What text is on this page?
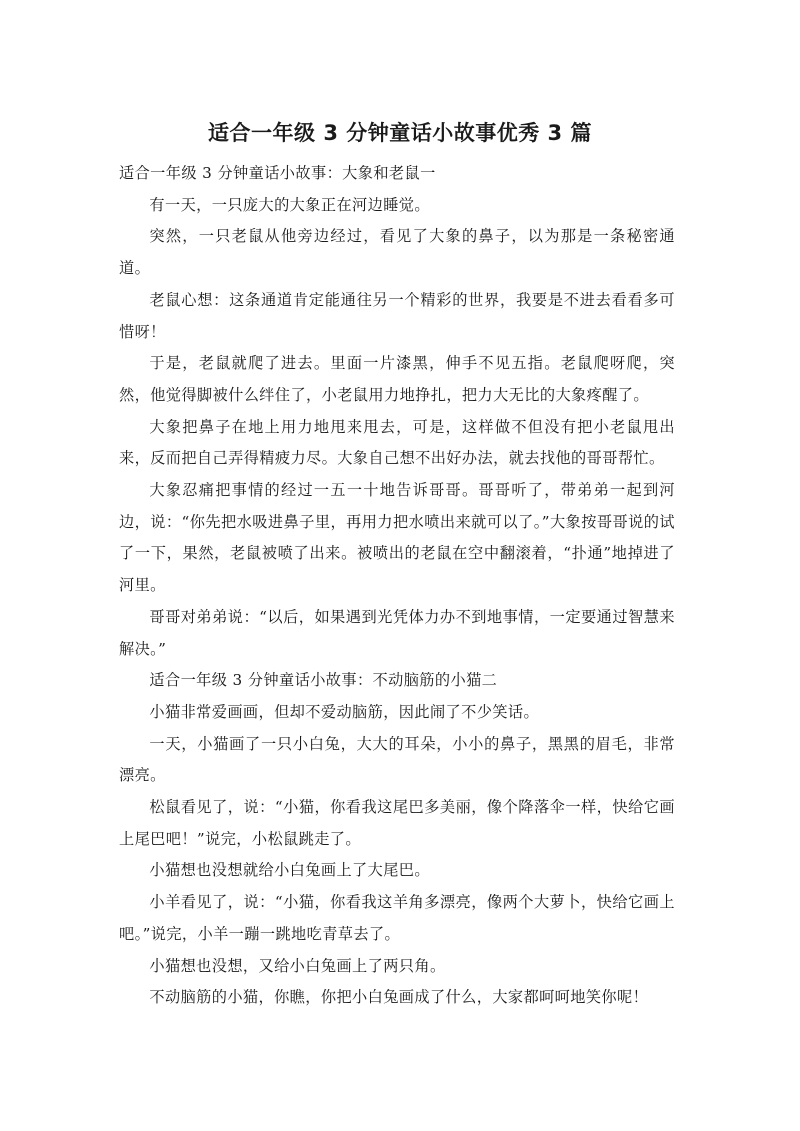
适合一年级 3 分钟童话小故事优秀 3 篇

适合一年级 3 分钟童话小故事：大象和老鼠一

有一天，一只庞大的大象正在河边睡觉。

突然，一只老鼠从他旁边经过，看见了大象的鼻子，以为那是一条秘密通道。

老鼠心想：这条通道肯定能通往另一个精彩的世界，我要是不进去看看多可惜呀！

于是，老鼠就爬了进去。里面一片漆黑，伸手不见五指。老鼠爬呀爬，突然，他觉得脚被什么绊住了，小老鼠用力地挣扎，把力大无比的大象疼醒了。

大象把鼻子在地上用力地甩来甩去，可是，这样做不但没有把小老鼠甩出来，反而把自己弄得精疲力尽。大象自己想不出好办法，就去找他的哥哥帮忙。

大象忍痛把事情的经过一五一十地告诉哥哥。哥哥听了，带弟弟一起到河边，说：“你先把水吸进鼻子里，再用力把水喷出来就可以了。”大象按哥哥说的试了一下，果然，老鼠被喷了出来。被喷出的老鼠在空中翻滚着，“扑通”地掉进了河里。

哥哥对弟弟说：“以后，如果遇到光凭体力办不到地事情，一定要通过智慧来解决。”

适合一年级 3 分钟童话小故事：不动脑筋的小猫二

小猫非常爱画画，但却不爱动脑筋，因此闹了不少笑话。

一天，小猫画了一只小白兔，大大的耳朵，小小的鼻子，黑黑的眉毛，非常漂亮。

松鼠看见了，说：“小猫，你看我这尾巴多美丽，像个降落伞一样，快给它画上尾巴吧！”说完，小松鼠跳走了。

小猫想也没想就给小白兔画上了大尾巴。

小羊看见了，说：“小猫，你看我这羊角多漂亮，像两个大萝卜，快给它画上吧。”说完，小羊一蹦一跳地吃青草去了。

小猫想也没想，又给小白兔画上了两只角。

不动脑筋的小猫，你瞧，你把小白兔画成了什么，大家都呵呵地笑你呢！
